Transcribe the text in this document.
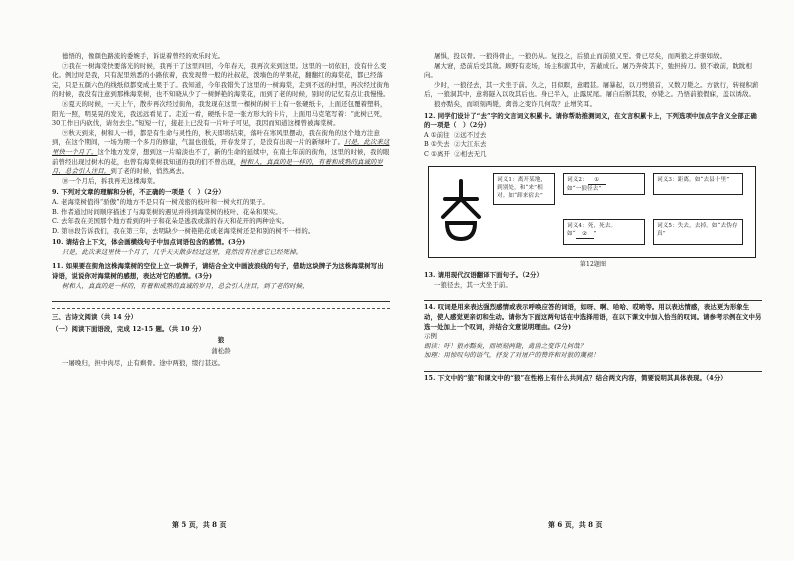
德悟的，像颜色路流的委婉手，诉说着曾经的欢乐时光。

⑦我在一树海棠快要落光的时候，我再干了这里四回，今年春天，我再次来到这里。这里的一切依旧，没有什么变化。例过时是我，只有泥里熟悉的小路依着，我发现曾一般的社叔花，泼墙色的苹果花，翻翻红的海棠花，都已经落完，只是五颜六色的线纸似都变成土果于了。我知道，今年我错失了这里的一树海棠，走到不远的村里，再次经过街角的时候，我没有注意到那株海棠树，也不知晓从少了一树鲜艳的海棠花，而到了老的时候，别时的记忆有点让我慢慢。

⑧夏天的时候，一天上午，散步再次经过街角，我发现在这里一棵树的树干上有一张硬纸卡，上面还包覆着塑料，阳光一照，明晃晃的发光，我远远看见了。走近一看，硬纸卡是一张方形大的卡片，上面用马克笔写着：“此树已死，30工作日内砍伐，请勿去尘。”短短一行，接赶上已没有一片叶子可见，我因而知道这棵曾被海棠树。

⑨秋天到来，树和人一样，都是有生命与灵性的，秋天即将结束，落叶在寒风里摆动，我在街角的这个地方注意到，在这个期间，一场为期一个多月的修建，气温也很低，开春发芽了，是没有出现一片的新绿叶了。只是，此次来这里快一个月了，这个地方发芽，想到这一片暗淡也不了，新的生命的延续中，在南土年前的街角，这里的时候，我的眼前曾经出现过树木的花，也曾有海棠树我知道的我的们不曾出现，树和人，真真的是一样的，有着和成熟的真诚的岁月，总会引人注目，到了老的时候，悄然离去。

⑩一个月后，拆我再无这棵海棠。

9. 下列对文章的理解和分析，不正确的一项是（　）（2分）

A. 老海棠树值得“骄傲”的地方不是只有一树茂密的枝叶和一树火红的果子。

B. 作者通过时间顺序描述了与海棠树的遇见并得到海棠树的枝叶、花朵和果实。

C. 去年我在美国那个地方看到的叶子和花朵是逃我或落的春天和花开的两种诠实。

D. 第⑩段告诉我们，我在第三年，去明缺少一树艳艳花或老海棠树还是和别的树不一样的。

10. 请结合上下文，体会画横线句子中加点词语包含的感情。(3分)

只是，此次来这里快一个月了，几乎天天散步经过这里，竟然没有注意它已经死掉。

11. 如果要在街角这株海棠树的空位上立一块牌子，请结合全文中画波浪线的句子，借助这块牌子为这株海棠树写出诗语，说说你对海棠树的感想，表达对它的感情。(3分)

树和人，真真的是一样的，有着和成熟的真诚的岁月，总会引人注目，到了老的时候，

三、古诗文阅读（共 14 分）

（一）阅读下面语段，完成 12-15 题。（共 10 分）

狼

蒲松龄

一屠晚归，担中肉尽，止有剩骨。途中两狼，缀行甚远。

屠惧，投以骨。一狼得骨止，一狼仍从。复投之，后狼止而前狼又至。骨已尽矣，而两狼之并驱如故。

屠大窘，恐前后受其敌。顾野有麦场，场主积薪其中，苫蔽成丘。屠乃奔倚其下，弛担持刀。狼不敢前，眈眈相向。

少时，一狼径去，其一犬坐于前。久之，目似瞑，意暇甚。屠暴起，以刀劈狼首，又数刀毙之。方欲行，转视积薪后，一狼洞其中，意将隧入以攻其后也。身已半入，止露尻尾。屠自后断其股，亦毙之。乃悟前狼假寐，盖以诱敌。

狼亦黠矣，而顷刻两毙，禽兽之变诈几何哉？止增笑耳。

12. 同学们设计了“去”字的文言词义积累卡。请你帮助推测词义，在文言积累卡上，下列选项中加点字含义全部正确的一项是（　）（2分）

A ①前往 ②远不过去

B ①失去 ②大江东去

C ①离开 ②相去无几

词义1：离开某地，到别处，和“来”相对。如“卸来宿去”
词义2： ①
如“一狼径去”
词义3：距离。如“去县十里”
词义4：死，死去。
如“ ② ”
词义5：失去，去掉。如“去伪存真”

第12题图

13. 请用现代汉语翻译下面句子。（2分）

一狼径去，其一犬坐于前。

14. 叹词是用来表达强烈感情或表示呼唤应答的词语，如呀、啊、哈哈、哎哟等。用以表达情感，表达更为形象生动，使人感觉更亲切和生动。请你为下面这两句话在中选择用语，在以下课文中加入恰当的叹词。请参考示例在文中另选一处加上一个叹词，并结合文意说明理由。(2分)

示例

朗读：吁！狼亦黠矣，而顷刻两毙，禽兽之变诈几何哉？

加理：用惊叹句的语气，抒发了对屠户的赞许和对狼的蔑视！

15. 下文中的“狼”和课文中的“狼”在性格上有什么共同点？结合两文内容，简要说明其具体表现。（4分）

第 5 页，共 8 页	第 6 页，共 8 页
